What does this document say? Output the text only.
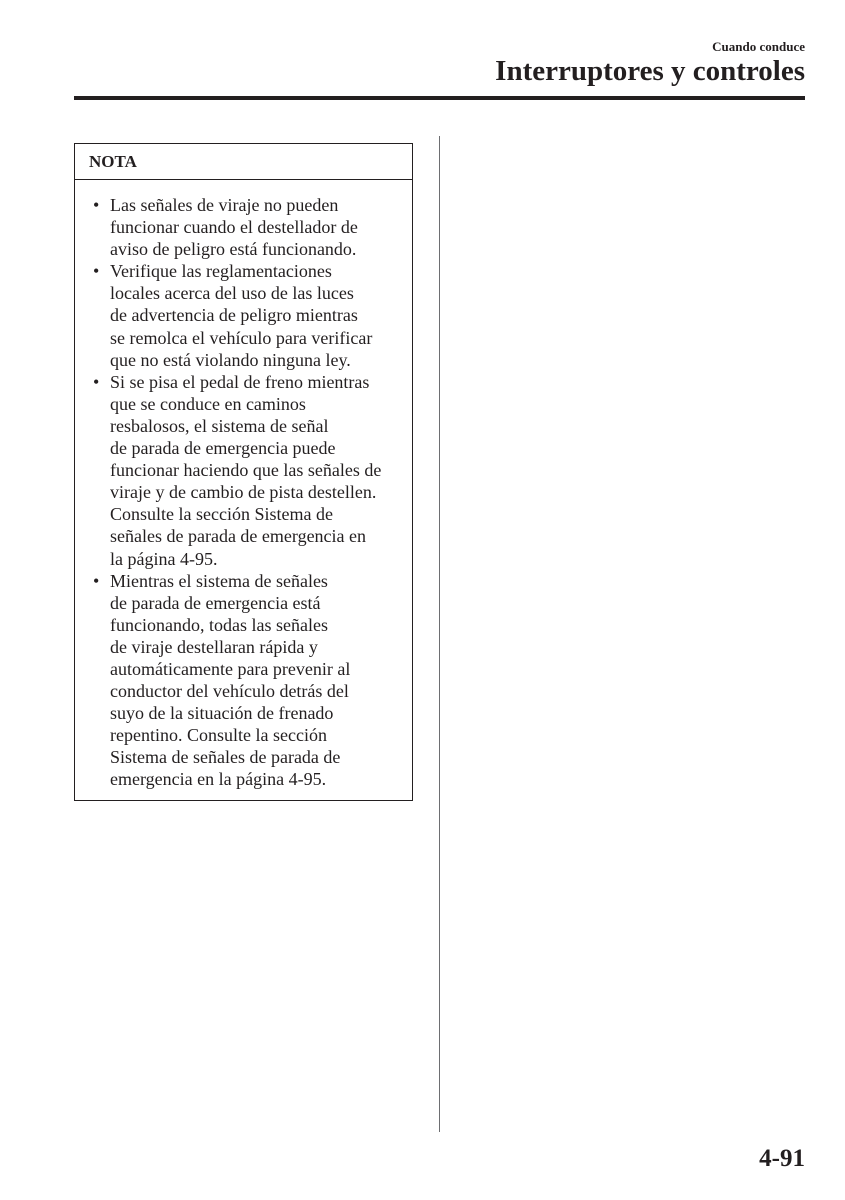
Cuando conduce
Interruptores y controles
NOTA
• Las señales de viraje no pueden
funcionar cuando el destellador de
aviso de peligro está funcionando.
• Verifique las reglamentaciones
locales acerca del uso de las luces
de advertencia de peligro mientras
se remolca el vehículo para verificar
que no está violando ninguna ley.
• Si se pisa el pedal de freno mientras
que se conduce en caminos
resbalosos, el sistema de señal
de parada de emergencia puede
funcionar haciendo que las señales de
viraje y de cambio de pista destellen.
Consulte la sección Sistema de
señales de parada de emergencia en
la página 4-95.
• Mientras el sistema de señales
de parada de emergencia está
funcionando, todas las señales
de viraje destellaran rápida y
automáticamente para prevenir al
conductor del vehículo detrás del
suyo de la situación de frenado
repentino. Consulte la sección
Sistema de señales de parada de
emergencia en la página 4-95.
4-91
